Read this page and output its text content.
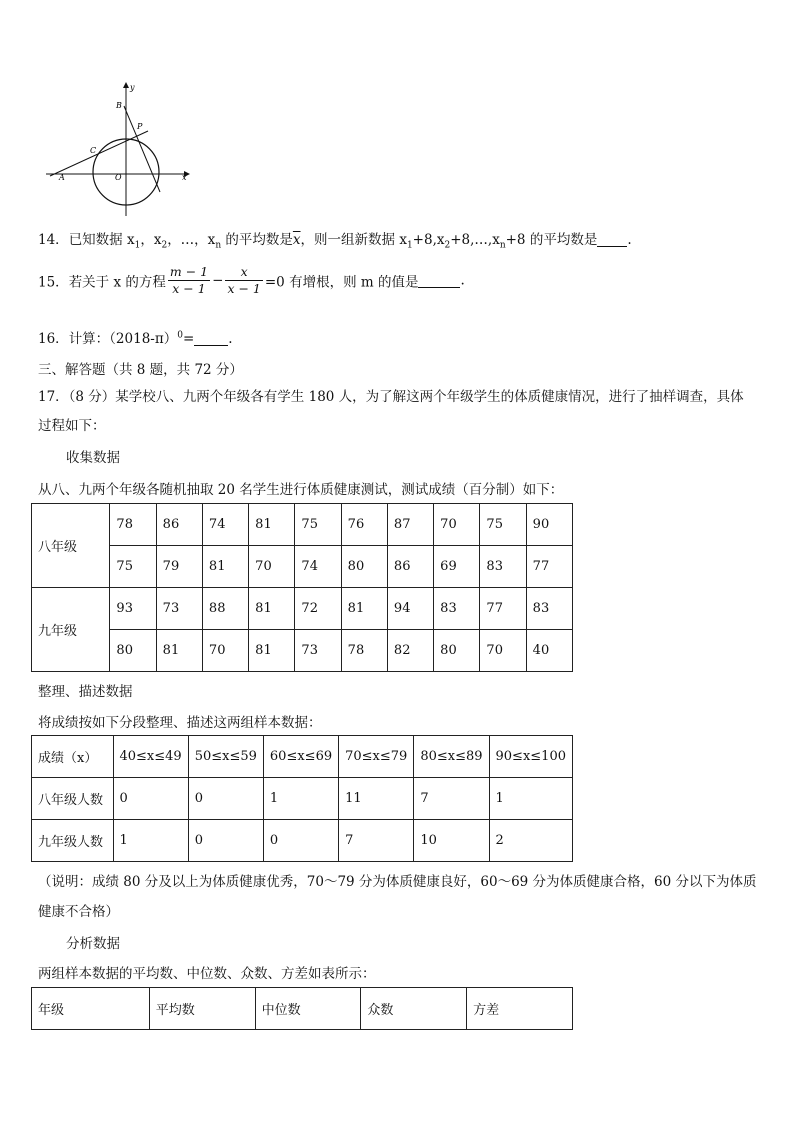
y
x
B
P
C
A	O
14．已知数据 $x_1$，$x_2$，…，$x_n$ 的平均数是$\overline{x}$，则一组新数据 $x_1+8,x_2+8,\dots,x_n+8$ 的平均数是 .
15．若关于 x 的方程 $\frac{m - 1}{x - 1} - \frac{x}{x - 1} =0$ 有增根，则 m 的值是	.
16．计算：$(2018-\pi)^0=$	.
三、解答题（共 8 题，共 72 分）
17．（8 分）某学校八、九两个年级各有学生 180 人，为了解这两个年级学生的体质健康情况，进行了抽样调查，具体
过程如下：
收集数据
从八、九两个年级各随机抽取 20 名学生进行体质健康测试，测试成绩（百分制）如下：
八年级	78	86	74	81	75	76	87	70	75	90
	75	79	81	70	74	80	86	69	83	77
九年级	93	73	88	81	72	81	94	83	77	83
	80	81	70	81	73	78	82	80	70	40
整理、描述数据
将成绩按如下分段整理、描述这两组样本数据：
成绩（x）	40≤x≤49	50≤x≤59	60≤x≤69	70≤x≤79	80≤x≤89	90≤x≤100
八年级人数	0	0	1	11	7	1
九年级人数	1	0	0	7	10	2
（说明：成绩 80 分及以上为体质健康优秀，70～79 分为体质健康良好，60～69 分为体质健康合格，60 分以下为体质
健康不合格）
分析数据
两组样本数据的平均数、中位数、众数、方差如表所示：
年级	平均数	中位数	众数	方差
